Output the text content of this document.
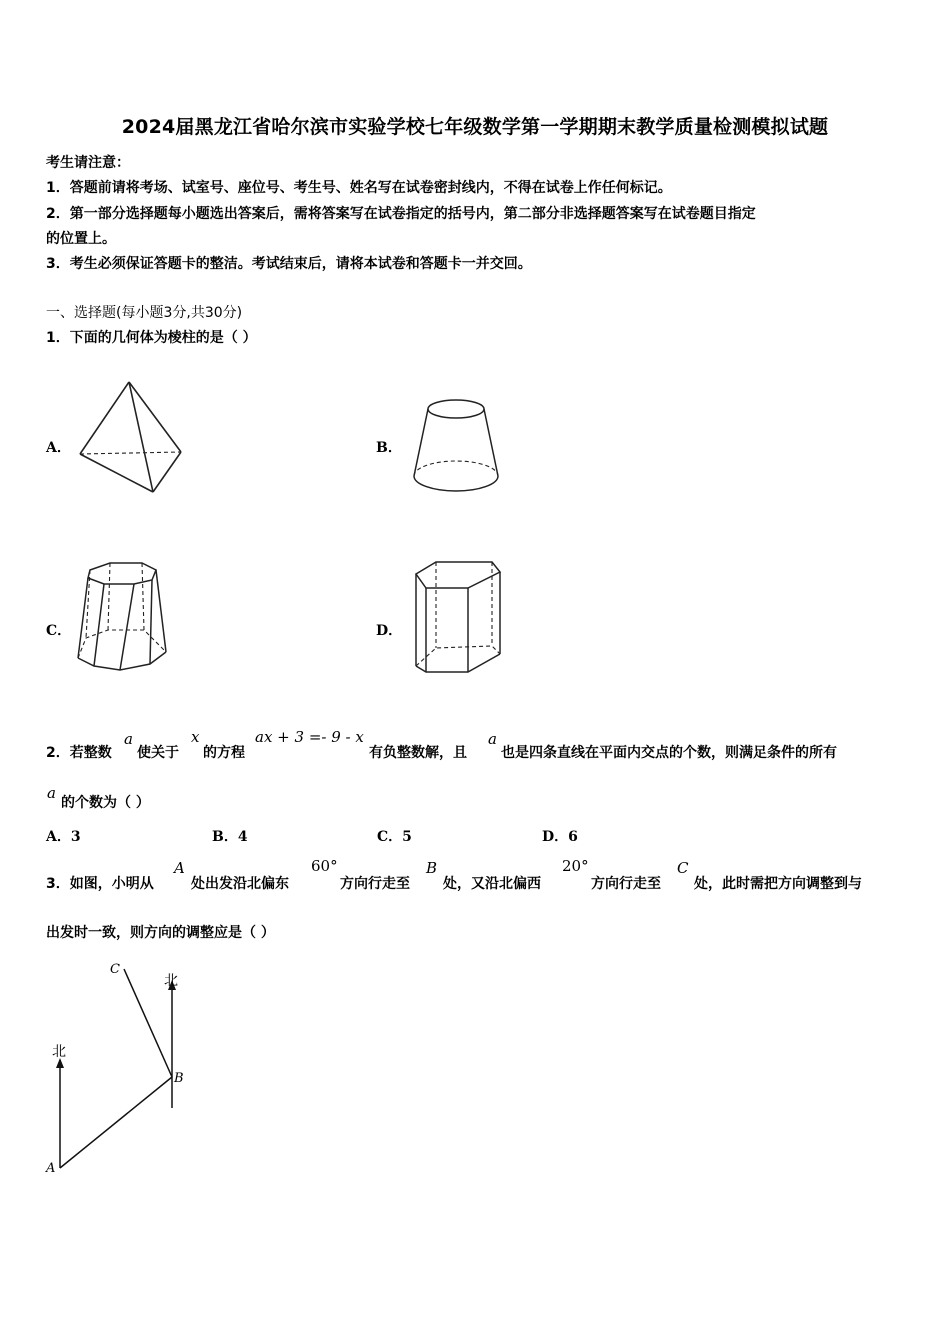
2024届黑龙江省哈尔滨市实验学校七年级数学第一学期期末教学质量检测模拟试题
考生请注意：
1．答题前请将考场、试室号、座位号、考生号、姓名写在试卷密封线内，不得在试卷上作任何标记。
2．第一部分选择题每小题选出答案后，需将答案写在试卷指定的括号内，第二部分非选择题答案写在试卷题目指定
的位置上。
3．考生必须保证答题卡的整洁。考试结束后，请将本试卷和答题卡一并交回。
一、选择题(每小题3分,共30分)
1．下面的几何体为棱柱的是（ ）
A．	B．
C．	D．
2．若整数
a
使关于
x
的方程
ax + 3 =- 9 - x
有负整数解，且
a
也是四条直线在平面内交点的个数，则满足条件的所有
a
的个数为（ ）
A．3	B．4	C．5	D．6
3．如图，小明从
A
处出发沿北偏东
60°
方向行走至
B
处，又沿北偏西
20°
方向行走至
C
处，此时需把方向调整到与
出发时一致，则方向的调整应是（ ）
北
北
A
B
C
